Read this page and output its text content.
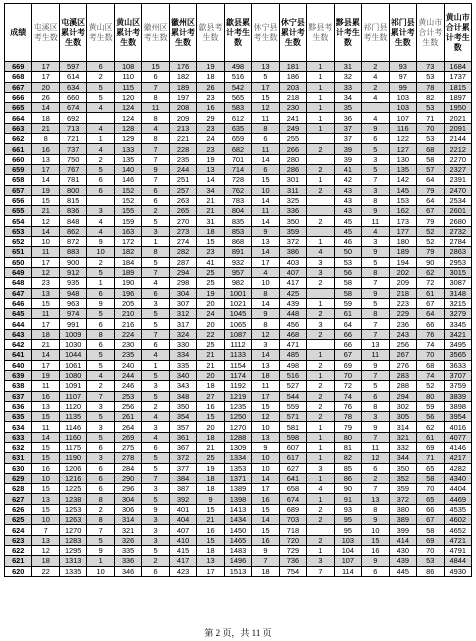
成绩	屯溪区考生数	屯溪区累计考生数	黄山区考生数	黄山区累计考生数	徽州区考生数	徽州区累计考生数	歙县考生数	歙县累计考生数	休宁县考生数	休宁县累计考生数	黟县考生数	黟县累计考生数	祁门县考生数	祁门县累计考生数	黄山市合计考生数	黄山市合计累计考生数

669	17	597	6	108	15	176	19	498	13	181	1	31	2	93	73	1684
668	17	614	2	110	6	182	18	516	5	186	1	32	4	97	53	1737
667	20	634	5	115	7	189	26	542	17	203	1	33	2	99	78	1815
666	26	660	5	120	8	197	23	565	15	218	1	34	4	103	82	1897
665	14	674	4	124	11	208	16	583	12	230	1	35		103	53	1950
664	18	692		124	8	209	29	612	11	241	1	36	4	107	71	2021
663	21	713	4	128	4	213	23	635	8	249	1	37	9	116	70	2091
662	8	721	1	129	8	221	24	659	6	255		37	6	122	53	2144
661	16	737	4	133	7	228	23	682	11	266	2	39	5	127	68	2212
660	13	750	2	135	7	235	19	701	14	280		39	3	130	58	2270
659	17	767	5	140	9	244	13	714	6	286	2	41	5	135	57	2327
658	14	781	6	146	7	251	14	728	15	301	1	42	7	142	64	2391
657	19	800	6	152	6	257	34	762	10	311	2	43	3	145	79	2470
656	15	815		152	6	263	21	783	14	325		43	8	153	64	2534
655	21	836	3	155	2	265	21	804	11	336		43	9	162	67	2601
654	12	848	4	159	5	270	31	835	14	350	2	45	11	173	79	2680
653	14	862	4	163	3	273	18	853	9	359		45	4	177	52	2732
652	10	872	9	172	1	274	15	868	13	372	1	46	3	180	52	2784
651	11	883	10	182	8	282	23	891	14	386	4	50	9	189	79	2863
650	17	900	2	184	5	287	41	932	17	403	3	53	5	194	90	2953
649	12	912	5	189	7	294	25	957	4	407	3	56	8	202	62	3015
648	23	935	1	190	4	298	25	982	10	417	2	58	7	209	72	3087
647	13	948	6	196	6	304	19	1001	8	425		58	9	218	61	3148
646	15	963	9	205	3	307	20	1021	14	439	1	59	5	223	67	3215
645	11	974	5	210	5	312	24	1045	9	448	2	61	8	229	64	3279
644	17	991	6	216	5	317	20	1065	8	456	3	64	7	236	66	3345
643	18	1009	8	224	7	324	22	1087	12	468	2	66	7	243	76	3421
642	21	1030	6	230	6	330	25	1112	3	471		66	13	256	74	3495
641	14	1044	5	235	4	334	21	1133	14	485	1	67	11	267	70	3565
640	17	1061	5	240	1	335	21	1154	13	498	2	69	9	276	68	3633
639	19	1080	4	244	5	340	20	1174	18	516	1	70	7	283	74	3707
638	11	1091	2	246	3	343	18	1192	11	527	2	72	5	288	52	3759
637	16	1107	7	253	5	348	27	1219	17	544	2	74	6	294	80	3839
636	13	1120	3	256	2	350	16	1235	15	559	2	76	8	302	59	3898
635	15	1135	5	261	4	354	15	1250	12	571	2	78	3	305	56	3954
634	11	1146	3	264	3	357	20	1270	10	581	1	79	9	314	62	4016
633	14	1160	5	269	4	361	18	1288	13	598	1	80	7	321	61	4077
632	15	1175	6	275	6	367	21	1309	9	607	1	81	11	332	69	4146
631	15	1190	3	278	5	372	25	1334	10	617	1	82	12	344	71	4217
630	16	1206	6	284	5	377	19	1353	10	627	3	85	6	350	65	4282
629	10	1216	6	290	7	384	18	1371	14	641	1	86	2	352	58	4340
628	15	1225	6	296	3	387	18	1389	17	658	4	90	7	359	70	4404
627	13	1238	8	304	5	392	9	1398	16	674	1	91	13	372	65	4469
626	15	1253	2	306	9	401	15	1413	15	689	2	93	8	380	66	4535
625	10	1263	8	314	3	404	21	1434	14	703	2	95	9	389	67	4602
624	7	1270	7	321	3	407	16	1450	15	718		95	10	399	58	4652
623	13	1283	5	326	3	410	15	1465	16	720	2	103	15	414	69	4721
622	12	1295	9	335	5	415	18	1483	9	729	1	104	16	430	70	4791
621	18	1313	1	336	2	417	13	1496	7	736	3	107	9	439	53	4844
620	22	1335	10	346	6	423	17	1513	18	754	7	114	6	445	86	4930
第 2 页，共 11 页
